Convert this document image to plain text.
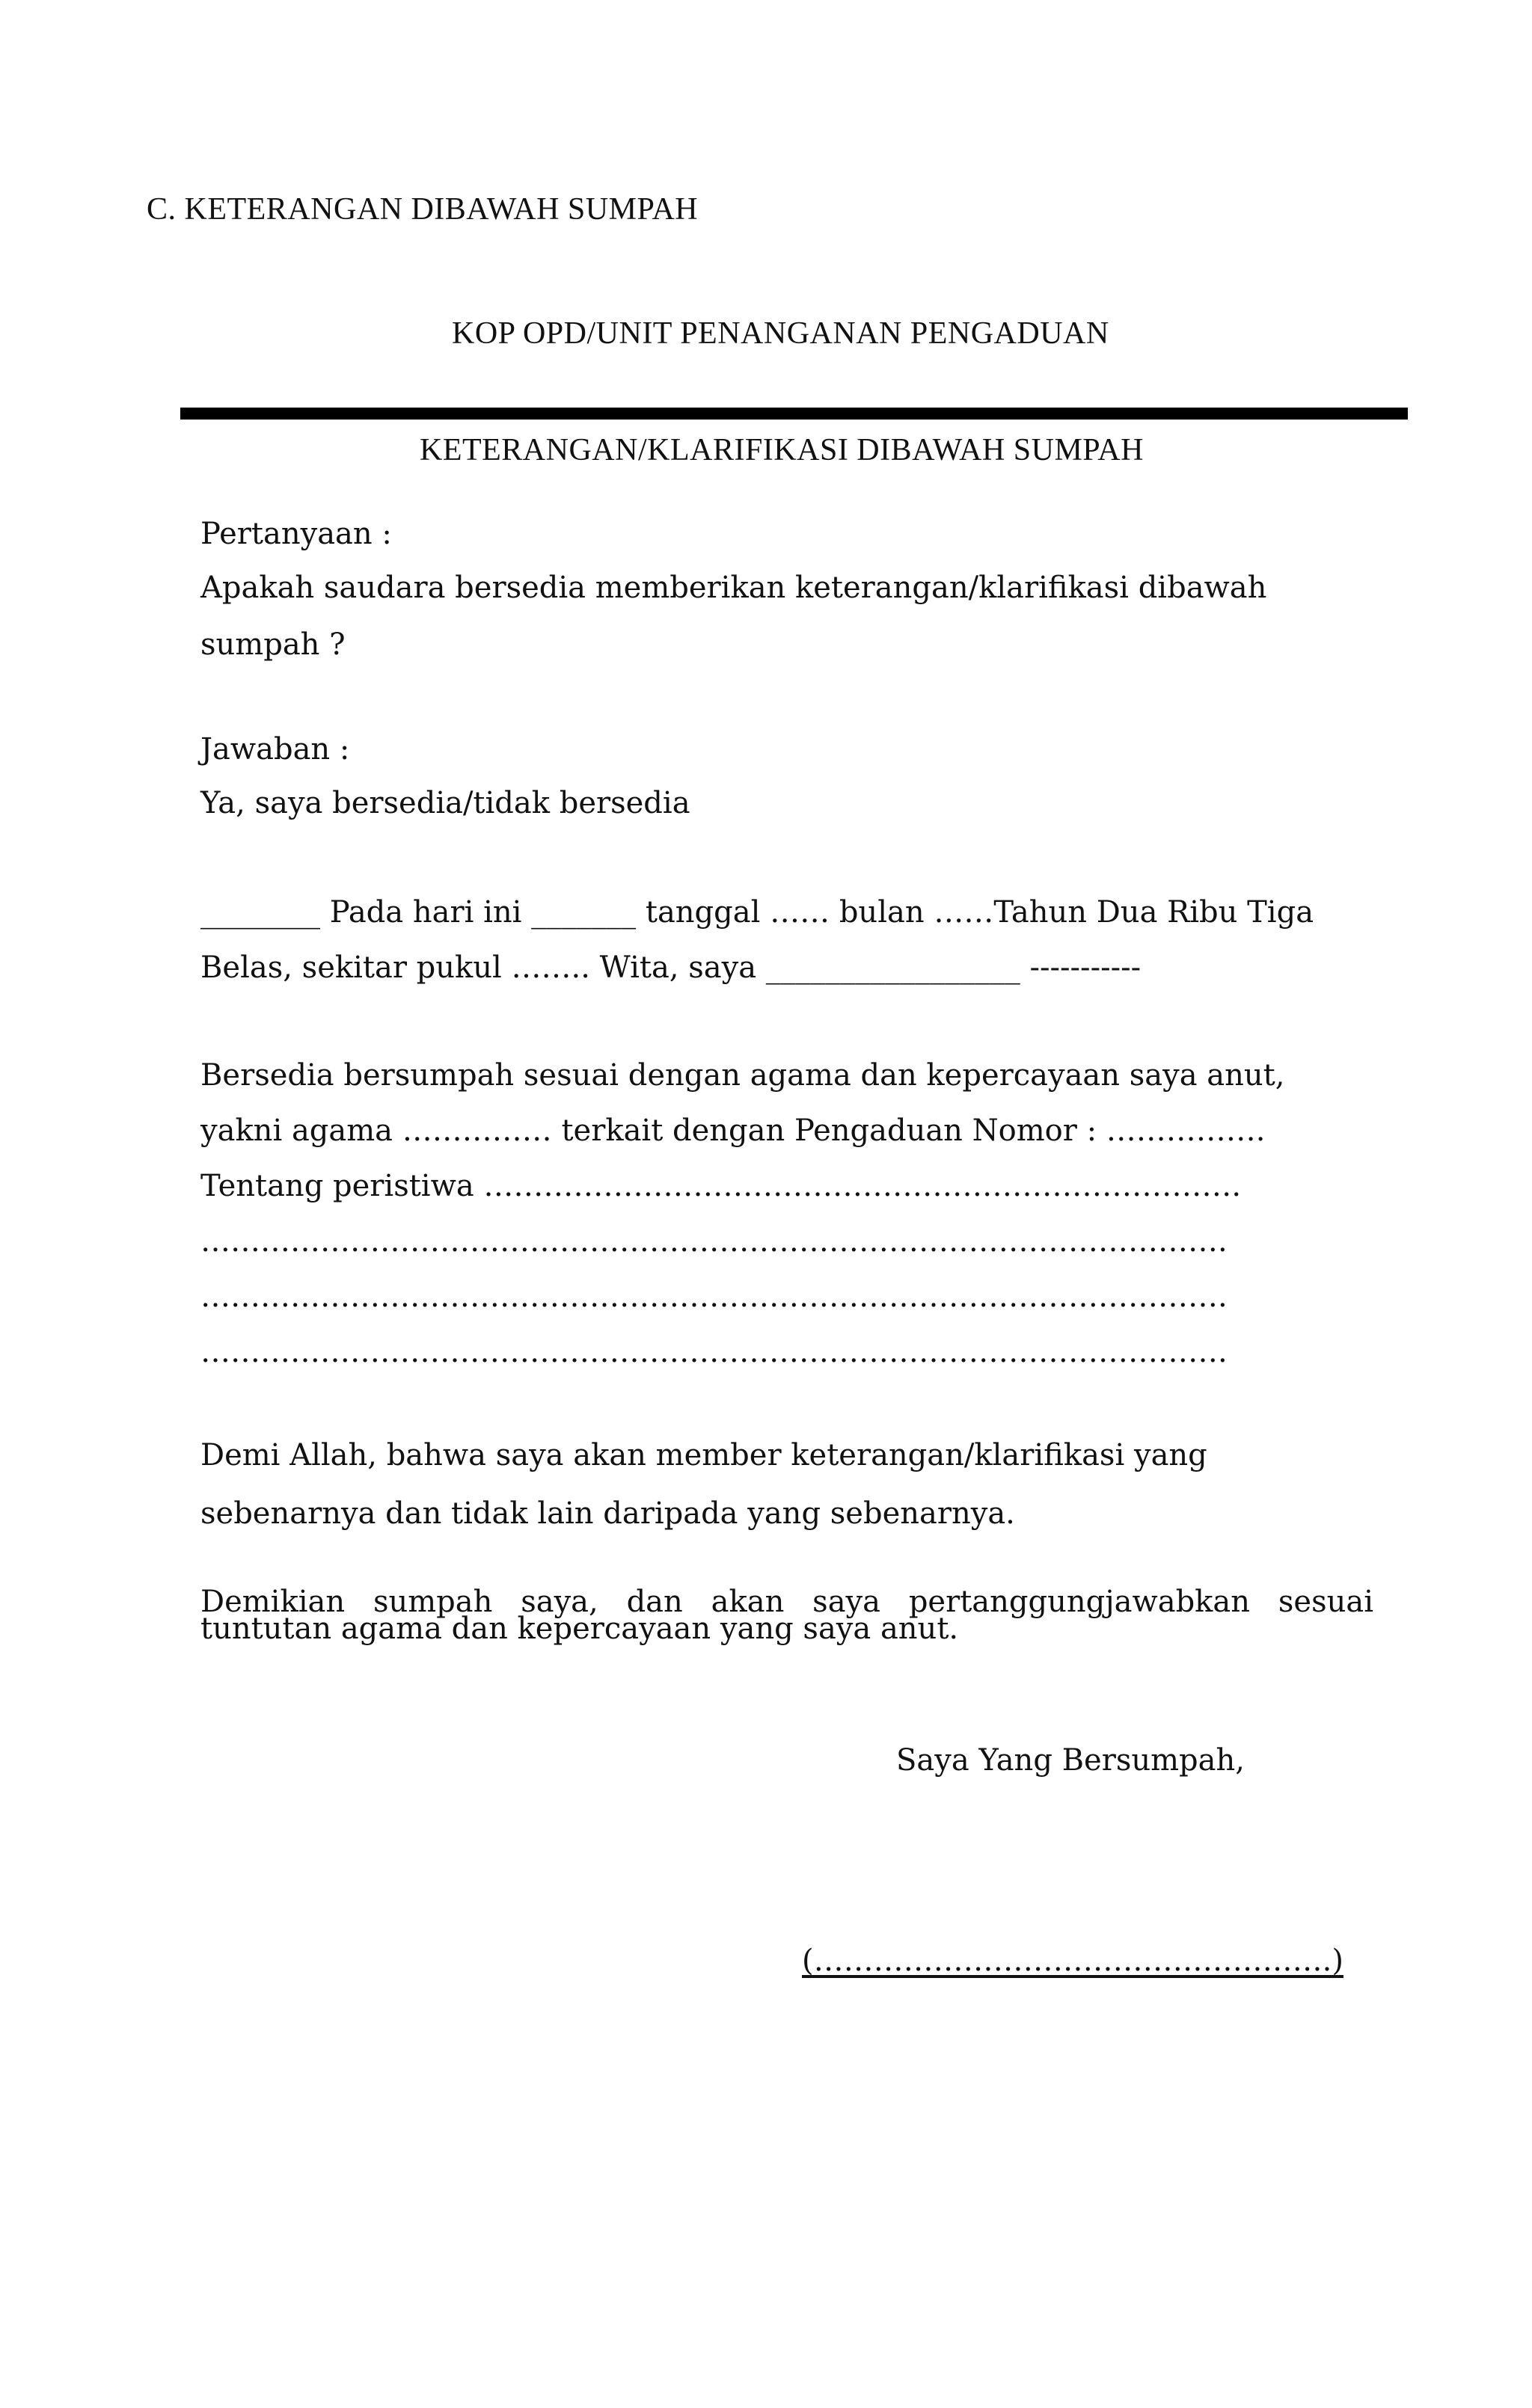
C. KETERANGAN DIBAWAH SUMPAH

KOP OPD/UNIT PENANGANAN PENGADUAN

KETERANGAN/KLARIFIKASI DIBAWAH SUMPAH

Pertanyaan :

Apakah saudara bersedia memberikan keterangan/klarifikasi dibawah

sumpah ?

Jawaban :

Ya, saya bersedia/tidak bersedia

________ Pada hari ini _______ tanggal …… bulan ……Tahun Dua Ribu Tiga

Belas, sekitar pukul …….. Wita, saya _________________ -----------

Bersedia bersumpah sesuai dengan agama dan kepercayaan saya anut,

yakni agama …………… terkait dengan Pengaduan Nomor : …………….

Tentang peristiwa ………………………………………………………………….

………………………………………………………………………………………….

………………………………………………………………………………………….

………………………………………………………………………………………….

Demi Allah, bahwa saya akan member keterangan/klarifikasi yang

sebenarnya dan tidak lain daripada yang sebenarnya.

Demikian sumpah saya, dan akan saya pertanggungjawabkan sesuai

tuntutan agama dan kepercayaan yang saya anut.

Saya Yang Bersumpah,

(…………………………………………….)
